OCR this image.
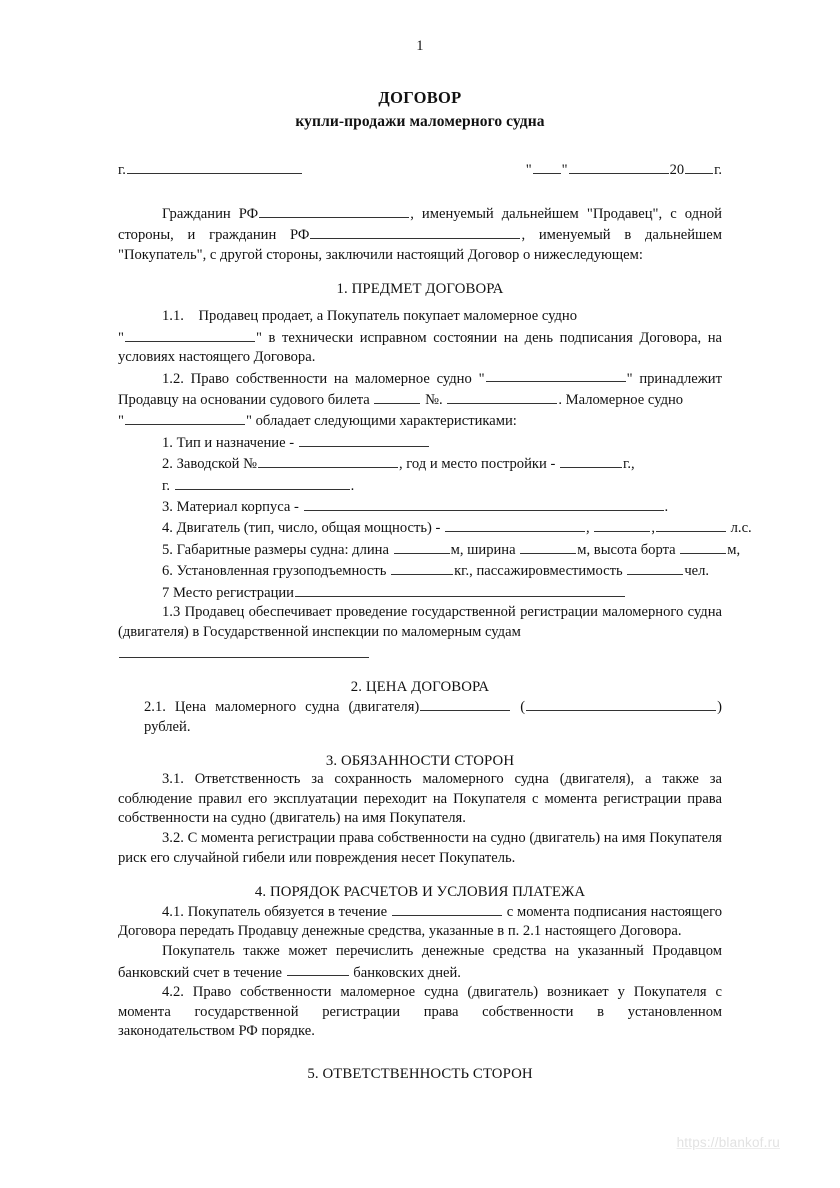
1
ДОГОВОР
купли-продажи маломерного судна
г.	" "	20 г.

Гражданин РФ	, именуемый дальнейшем "Продавец", с одной стороны, и гражданин РФ	, именуемый в дальнейшем "Покупатель", с другой стороны, заключили настоящий Договор о нижеследующем:

1. ПРЕДМЕТ ДОГОВОРА

1.1. Продавец продает, а Покупатель покупает маломерное судно
"	" в технически исправном состоянии на день подписания Договора, на условиях настоящего Договора.

1.2. Право собственности на маломерное судно "	" принадлежит Продавцу на основании судового билета	№.	. Маломерное судно
"	" обладает следующими характеристиками:

1. Тип и назначение -
2. Заводской №	, год и место постройки -	г.,
г.	.
3. Материал корпуса -	.
4. Двигатель (тип, число, общая мощность) -	,	,	л.с.
5. Габаритные размеры судна: длина	м, ширина	м, высота борта	м,
6. Установленная грузоподъемность	кг., пассажировместимость	чел.
7 Место регистрации

1.3 Продавец обеспечивает проведение государственной регистрации маломерного судна (двигателя) в Государственной инспекции по маломерным судам

2. ЦЕНА ДОГОВОРА

2.1. Цена маломерного судна (двигателя)	(	) рублей.

3. ОБЯЗАННОСТИ СТОРОН

3.1. Ответственность за сохранность маломерного судна (двигателя), а также за соблюдение правил его эксплуатации переходит на Покупателя с момента регистрации права собственности на судно (двигатель) на имя Покупателя.

3.2. С момента регистрации права собственности на судно (двигатель) на имя Покупателя риск его случайной гибели или повреждения несет Покупатель.

4. ПОРЯДОК РАСЧЕТОВ И УСЛОВИЯ ПЛАТЕЖА

4.1. Покупатель обязуется в течение	с момента подписания настоящего Договора передать Продавцу денежные средства, указанные в п. 2.1 настоящего Договора.

Покупатель также может перечислить денежные средства на указанный Продавцом банковский счет в течение	банковских дней.

4.2. Право собственности маломерное судна (двигатель) возникает у Покупателя с момента государственной регистрации права собственности в установленном законодательством РФ порядке.

5. ОТВЕТСТВЕННОСТЬ СТОРОН
https://blankof.ru
